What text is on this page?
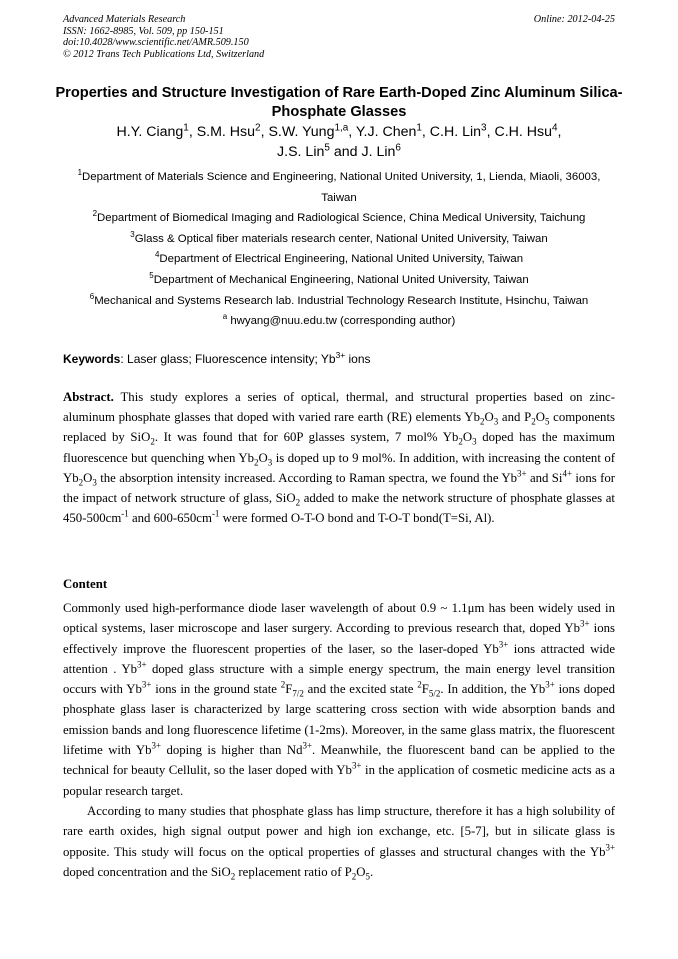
Advanced Materials Research
ISSN: 1662-8985, Vol. 509, pp 150-151
doi:10.4028/www.scientific.net/AMR.509.150
© 2012 Trans Tech Publications Ltd, Switzerland
Online: 2012-04-25
Properties and Structure Investigation of Rare Earth-Doped Zinc Aluminum Silica-Phosphate Glasses
H.Y. Ciang$^1$, S.M. Hsu$^2$, S.W. Yung$^{1,a}$, Y.J. Chen$^1$, C.H. Lin$^3$, C.H. Hsu$^4$,
J.S. Lin$^5$ and J. Lin$^6$
$^1$Department of Materials Science and Engineering, National United University, 1, Lienda, Miaoli, 36003, Taiwan
$^2$Department of Biomedical Imaging and Radiological Science, China Medical University, Taichung
$^3$Glass & Optical fiber materials research center, National United University, Taiwan
$^4$Department of Electrical Engineering, National United University, Taiwan
$^5$Department of Mechanical Engineering, National United University, Taiwan
$^6$Mechanical and Systems Research lab. Industrial Technology Research Institute, Hsinchu, Taiwan
$^a$ hwyang@nuu.edu.tw (corresponding author)
Keywords: Laser glass; Fluorescence intensity; $Yb^{3+}$ ions
Abstract. This study explores a series of optical, thermal, and structural properties based on zinc-aluminum phosphate glasses that doped with varied rare earth (RE) elements $Yb_2O_3$ and $P_2O_5$ components replaced by SiO$_2$. It was found that for 60P glasses system, 7 mol% $Yb_2O_3$ doped has the maximum fluorescence but quenching when $Yb_2O_3$ is doped up to 9 mol%. In addition, with increasing the content of $Yb_2O_3$ the absorption intensity increased. According to Raman spectra, we found the $Yb^{3+}$ and $Si^{4+}$ ions for the impact of network structure of glass, SiO$_2$ added to make the network structure of phosphate glasses at $450-500cm^{-1}$ and $600-650cm^{-1}$ were formed O-T-O bond and T-O-T bond(T=Si, Al).
Content

Commonly used high-performance diode laser wavelength of about 0.9 ~ 1.1μm has been widely used in optical systems, laser microscope and laser surgery. According to previous research that, doped $Yb^{3+}$ ions effectively improve the fluorescent properties of the laser, so the laser-doped $Yb^{3+}$ ions attracted wide attention . $Yb^{3+}$ doped glass structure with a simple energy spectrum, the main energy level transition occurs with $Yb^{3+}$ ions in the ground state $^2F_{7/2}$ and the excited state $^2F_{5/2}$. In addition, the $Yb^{3+}$ ions doped phosphate glass laser is characterized by large scattering cross section with wide absorption bands and emission bands and long fluorescence lifetime (1-2ms). Moreover, in the same glass matrix, the fluorescent lifetime with $Yb^{3+}$ doping is higher than $Nd^{3+}$. Meanwhile, the fluorescent band can be applied to the technical for beauty Cellulit, so the laser doped with $Yb^{3+}$ in the application of cosmetic medicine acts as a popular research target.

According to many studies that phosphate glass has limp structure, therefore it has a high solubility of rare earth oxides, high signal output power and high ion exchange, etc. [5-7], but in silicate glass is opposite. This study will focus on the optical properties of glasses and structural changes with the $Yb^{3+}$ doped concentration and the SiO$_2$ replacement ratio of $P_2O_5$.
